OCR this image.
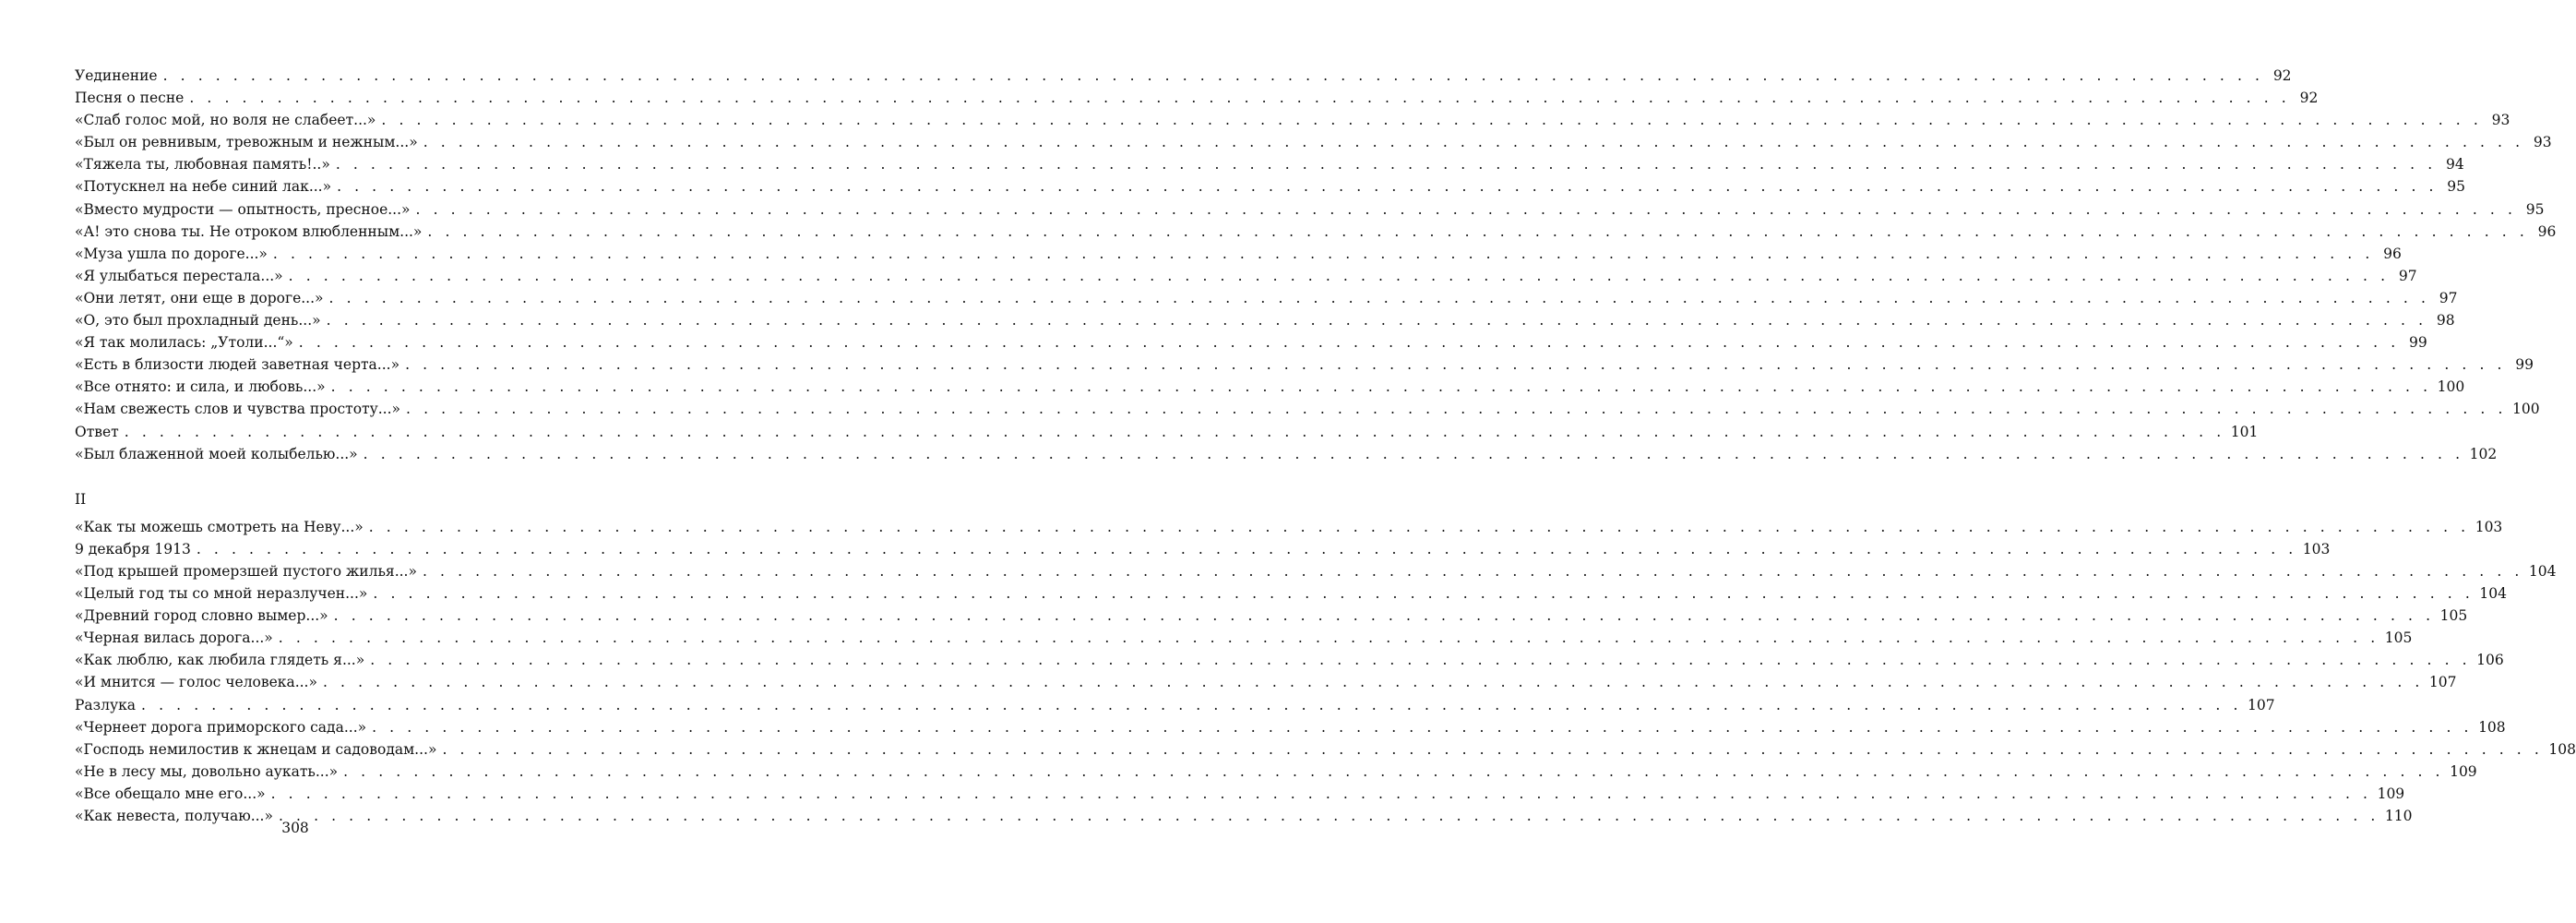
Уединение . . . . . . . . . . . . . . . . . . . . . . . . . . . . . . . . . . . . . . . . . . . . . . . . . . . . . . . . . . . . . . . . . . . . . . . . . . . . . . . . . . . . . . . . . . . . . . . . . . . . . . . . . . . . . . . . . . . . . . . . 92
Песня о песне . . . . . . . . . . . . . . . . . . . . . . . . . . . . . . . . . . . . . . . . . . . . . . . . . . . . . . . . . . . . . . . . . . . . . . . . . . . . . . . . . . . . . . . . . . . . . . . . . . . . . . . . . . . . . . . . . . . . . . . . 92
«Слаб голос мой, но воля не слабеет...» . . . . . . . . . . . . . . . . . . . . . . . . . . . . . . . . . . . . . . . . . . . . . . . . . . . . . . . . . . . . . . . . . . . . . . . . . . . . . . . . . . . . . . . . . . . . . . . . . . . . . . . . . . . . . . . . . . . . . . . . 93
«Был он ревнивым, тревожным и нежным...» . . . . . . . . . . . . . . . . . . . . . . . . . . . . . . . . . . . . . . . . . . . . . . . . . . . . . . . . . . . . . . . . . . . . . . . . . . . . . . . . . . . . . . . . . . . . . . . . . . . . . . . . . . . . . . . . . . . . . . . . 93
«Тяжела ты, любовная память!..» . . . . . . . . . . . . . . . . . . . . . . . . . . . . . . . . . . . . . . . . . . . . . . . . . . . . . . . . . . . . . . . . . . . . . . . . . . . . . . . . . . . . . . . . . . . . . . . . . . . . . . . . . . . . . . . . . . . . . . . . 94
«Потускнел на небе синий лак...» . . . . . . . . . . . . . . . . . . . . . . . . . . . . . . . . . . . . . . . . . . . . . . . . . . . . . . . . . . . . . . . . . . . . . . . . . . . . . . . . . . . . . . . . . . . . . . . . . . . . . . . . . . . . . . . . . . . . . . . . 95
«Вместо мудрости — опытность, пресное...» . . . . . . . . . . . . . . . . . . . . . . . . . . . . . . . . . . . . . . . . . . . . . . . . . . . . . . . . . . . . . . . . . . . . . . . . . . . . . . . . . . . . . . . . . . . . . . . . . . . . . . . . . . . . . . . . . . . . . . . . 95
«А! это снова ты. Не отроком влюбленным...» . . . . . . . . . . . . . . . . . . . . . . . . . . . . . . . . . . . . . . . . . . . . . . . . . . . . . . . . . . . . . . . . . . . . . . . . . . . . . . . . . . . . . . . . . . . . . . . . . . . . . . . . . . . . . . . . . . . . . . . . 96
«Муза ушла по дороге...» . . . . . . . . . . . . . . . . . . . . . . . . . . . . . . . . . . . . . . . . . . . . . . . . . . . . . . . . . . . . . . . . . . . . . . . . . . . . . . . . . . . . . . . . . . . . . . . . . . . . . . . . . . . . . . . . . . . . . . . . 96
«Я улыбаться перестала...» . . . . . . . . . . . . . . . . . . . . . . . . . . . . . . . . . . . . . . . . . . . . . . . . . . . . . . . . . . . . . . . . . . . . . . . . . . . . . . . . . . . . . . . . . . . . . . . . . . . . . . . . . . . . . . . . . . . . . . . . 97
«Они летят, они еще в дороге...» . . . . . . . . . . . . . . . . . . . . . . . . . . . . . . . . . . . . . . . . . . . . . . . . . . . . . . . . . . . . . . . . . . . . . . . . . . . . . . . . . . . . . . . . . . . . . . . . . . . . . . . . . . . . . . . . . . . . . . . . 97
«О, это был прохладный день...» . . . . . . . . . . . . . . . . . . . . . . . . . . . . . . . . . . . . . . . . . . . . . . . . . . . . . . . . . . . . . . . . . . . . . . . . . . . . . . . . . . . . . . . . . . . . . . . . . . . . . . . . . . . . . . . . . . . . . . . . 98
«Я так молилась: „Утоли...“» . . . . . . . . . . . . . . . . . . . . . . . . . . . . . . . . . . . . . . . . . . . . . . . . . . . . . . . . . . . . . . . . . . . . . . . . . . . . . . . . . . . . . . . . . . . . . . . . . . . . . . . . . . . . . . . . . . . . . . . . 99
«Есть в близости людей заветная черта...» . . . . . . . . . . . . . . . . . . . . . . . . . . . . . . . . . . . . . . . . . . . . . . . . . . . . . . . . . . . . . . . . . . . . . . . . . . . . . . . . . . . . . . . . . . . . . . . . . . . . . . . . . . . . . . . . . . . . . . . . 99
«Все отнято: и сила, и любовь...» . . . . . . . . . . . . . . . . . . . . . . . . . . . . . . . . . . . . . . . . . . . . . . . . . . . . . . . . . . . . . . . . . . . . . . . . . . . . . . . . . . . . . . . . . . . . . . . . . . . . . . . . . . . . . . . . . . . . . . . . 100
«Нам свежесть слов и чувства простоту...» . . . . . . . . . . . . . . . . . . . . . . . . . . . . . . . . . . . . . . . . . . . . . . . . . . . . . . . . . . . . . . . . . . . . . . . . . . . . . . . . . . . . . . . . . . . . . . . . . . . . . . . . . . . . . . . . . . . . . . . . 100
Ответ . . . . . . . . . . . . . . . . . . . . . . . . . . . . . . . . . . . . . . . . . . . . . . . . . . . . . . . . . . . . . . . . . . . . . . . . . . . . . . . . . . . . . . . . . . . . . . . . . . . . . . . . . . . . . . . . . . . . . . . . 101
«Был блаженной моей колыбелью...» . . . . . . . . . . . . . . . . . . . . . . . . . . . . . . . . . . . . . . . . . . . . . . . . . . . . . . . . . . . . . . . . . . . . . . . . . . . . . . . . . . . . . . . . . . . . . . . . . . . . . . . . . . . . . . . . . . . . . . . . 102
II
«Как ты можешь смотреть на Неву...» . . . . . . . . . . . . . . . . . . . . . . . . . . . . . . . . . . . . . . . . . . . . . . . . . . . . . . . . . . . . . . . . . . . . . . . . . . . . . . . . . . . . . . . . . . . . . . . . . . . . . . . . . . . . . . . . . . . . . . . . 103
9 декабря 1913 . . . . . . . . . . . . . . . . . . . . . . . . . . . . . . . . . . . . . . . . . . . . . . . . . . . . . . . . . . . . . . . . . . . . . . . . . . . . . . . . . . . . . . . . . . . . . . . . . . . . . . . . . . . . . . . . . . . . . . . . 103
«Под крышей промерзшей пустого жилья...» . . . . . . . . . . . . . . . . . . . . . . . . . . . . . . . . . . . . . . . . . . . . . . . . . . . . . . . . . . . . . . . . . . . . . . . . . . . . . . . . . . . . . . . . . . . . . . . . . . . . . . . . . . . . . . . . . . . . . . . . 104
«Целый год ты со мной неразлучен...» . . . . . . . . . . . . . . . . . . . . . . . . . . . . . . . . . . . . . . . . . . . . . . . . . . . . . . . . . . . . . . . . . . . . . . . . . . . . . . . . . . . . . . . . . . . . . . . . . . . . . . . . . . . . . . . . . . . . . . . . 104
«Древний город словно вымер...» . . . . . . . . . . . . . . . . . . . . . . . . . . . . . . . . . . . . . . . . . . . . . . . . . . . . . . . . . . . . . . . . . . . . . . . . . . . . . . . . . . . . . . . . . . . . . . . . . . . . . . . . . . . . . . . . . . . . . . . . 105
«Черная вилась дорога...» . . . . . . . . . . . . . . . . . . . . . . . . . . . . . . . . . . . . . . . . . . . . . . . . . . . . . . . . . . . . . . . . . . . . . . . . . . . . . . . . . . . . . . . . . . . . . . . . . . . . . . . . . . . . . . . . . . . . . . . . 105
«Как люблю, как любила глядеть я...» . . . . . . . . . . . . . . . . . . . . . . . . . . . . . . . . . . . . . . . . . . . . . . . . . . . . . . . . . . . . . . . . . . . . . . . . . . . . . . . . . . . . . . . . . . . . . . . . . . . . . . . . . . . . . . . . . . . . . . . . 106
«И мнится — голос человека...» . . . . . . . . . . . . . . . . . . . . . . . . . . . . . . . . . . . . . . . . . . . . . . . . . . . . . . . . . . . . . . . . . . . . . . . . . . . . . . . . . . . . . . . . . . . . . . . . . . . . . . . . . . . . . . . . . . . . . . . . 107
Разлука . . . . . . . . . . . . . . . . . . . . . . . . . . . . . . . . . . . . . . . . . . . . . . . . . . . . . . . . . . . . . . . . . . . . . . . . . . . . . . . . . . . . . . . . . . . . . . . . . . . . . . . . . . . . . . . . . . . . . . . . 107
«Чернеет дорога приморского сада...» . . . . . . . . . . . . . . . . . . . . . . . . . . . . . . . . . . . . . . . . . . . . . . . . . . . . . . . . . . . . . . . . . . . . . . . . . . . . . . . . . . . . . . . . . . . . . . . . . . . . . . . . . . . . . . . . . . . . . . . . 108
«Господь немилостив к жнецам и садоводам...» . . . . . . . . . . . . . . . . . . . . . . . . . . . . . . . . . . . . . . . . . . . . . . . . . . . . . . . . . . . . . . . . . . . . . . . . . . . . . . . . . . . . . . . . . . . . . . . . . . . . . . . . . . . . . . . . . . . . . . . . 108
«Не в лесу мы, довольно аукать...» . . . . . . . . . . . . . . . . . . . . . . . . . . . . . . . . . . . . . . . . . . . . . . . . . . . . . . . . . . . . . . . . . . . . . . . . . . . . . . . . . . . . . . . . . . . . . . . . . . . . . . . . . . . . . . . . . . . . . . . . 109
«Все обещало мне его...» . . . . . . . . . . . . . . . . . . . . . . . . . . . . . . . . . . . . . . . . . . . . . . . . . . . . . . . . . . . . . . . . . . . . . . . . . . . . . . . . . . . . . . . . . . . . . . . . . . . . . . . . . . . . . . . . . . . . . . . . 109
«Как невеста, получаю...» . . . . . . . . . . . . . . . . . . . . . . . . . . . . . . . . . . . . . . . . . . . . . . . . . . . . . . . . . . . . . . . . . . . . . . . . . . . . . . . . . . . . . . . . . . . . . . . . . . . . . . . . . . . . . . . . . . . . . . . . 110
308
